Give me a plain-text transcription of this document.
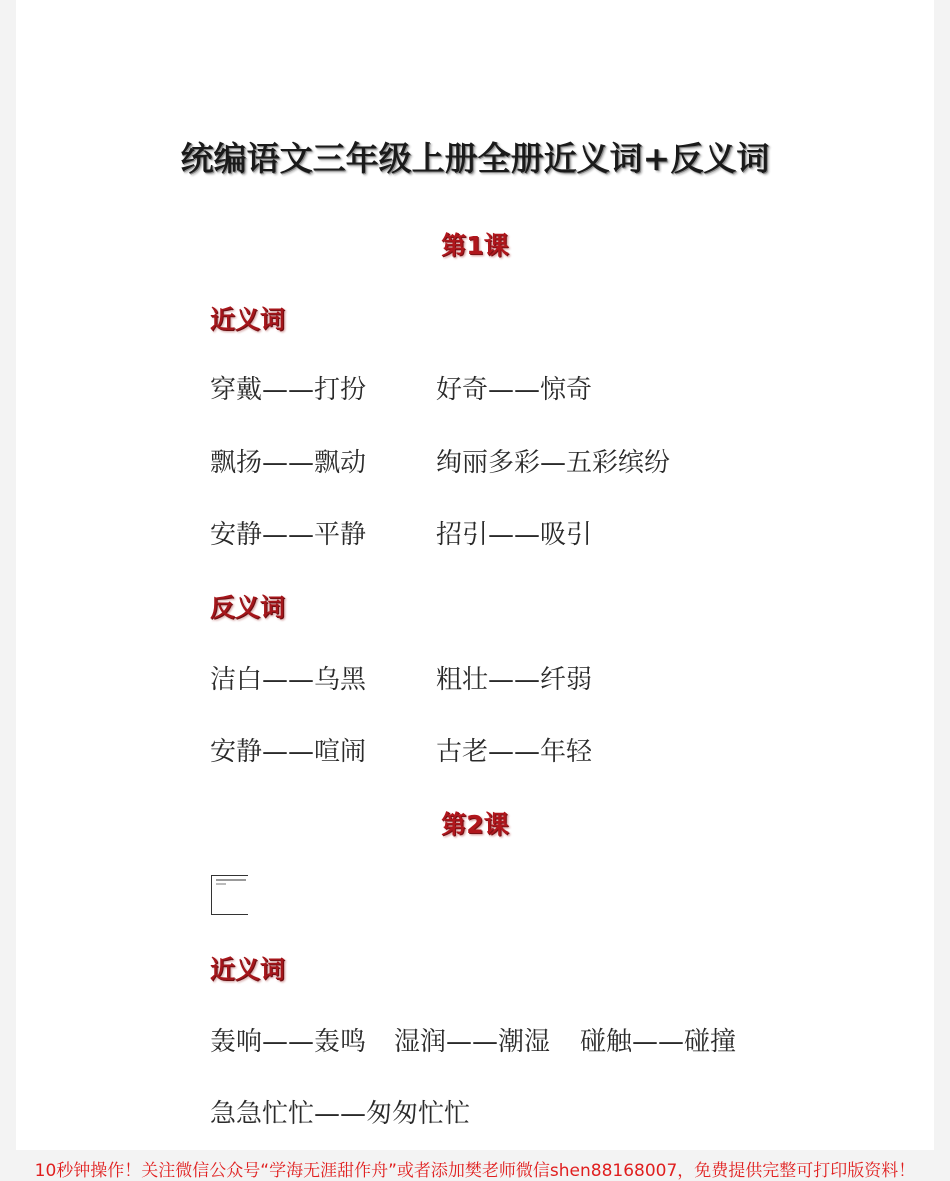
统编语文三年级上册全册近义词+反义词
第1课
近义词
穿戴——打扮	好奇——惊奇
飘扬——飘动	绚丽多彩—五彩缤纷
安静——平静	招引——吸引
反义词
洁白——乌黑	粗壮——纤弱
安静——喧闹	古老——年轻
第2课
近义词
轰响——轰鸣 湿润——潮湿 碰触——碰撞
急急忙忙——匆匆忙忙
10秒钟操作！关注微信公众号“学海无涯甜作舟”或者添加樊老师微信shen88168007，免费提供完整可打印版资料！
